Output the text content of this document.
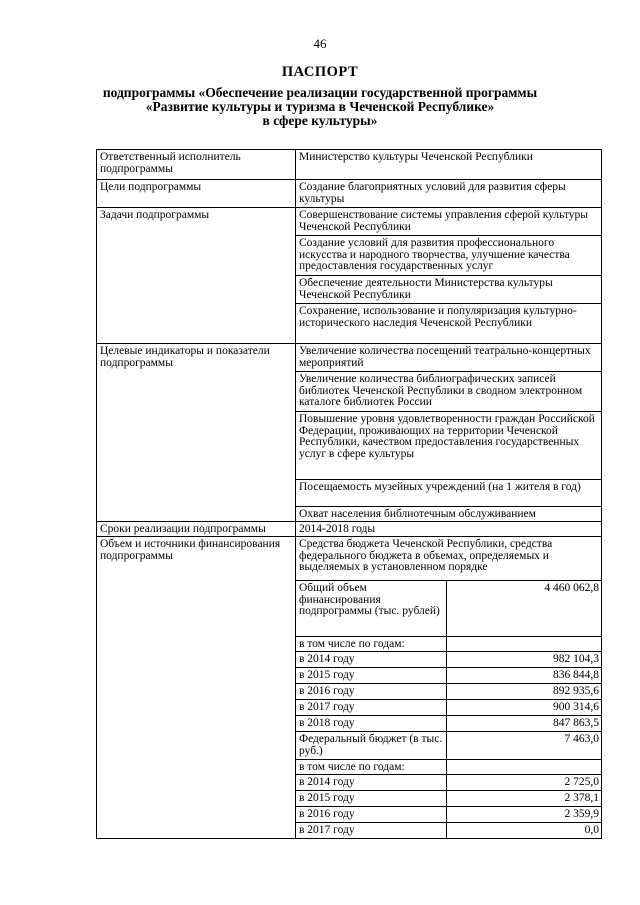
46
ПАСПОРТ
подпрограммы «Обеспечение реализации государственной программы
«Развитие культуры и туризма в Чеченской Республике»
в сфере культуры»
Ответственный исполнитель подпрограммы	Министерство культуры Чеченской Республики	
Цели подпрограммы	Создание благоприятных условий для развития сферы культуры	
Задачи подпрограммы	Совершенствование системы управления сферой культуры Чеченской Республики	
	Создание условий для развития профессионального искусства и народного творчества, улучшение качества предоставления государственных услуг	
	Обеспечение деятельности Министерства культуры Чеченской Республики	
	Сохранение, использование и популяризация культурно-исторического наследия Чеченской Республики	
Целевые индикаторы и показатели подпрограммы	Увеличение количества посещений театрально-концертных мероприятий	
	Увеличение количества библиографических записей библиотек Чеченской Республики в сводном электронном каталоге библиотек России	
	Повышение уровня удовлетворенности граждан Российской Федерации, проживающих на территории Чеченской Республики, качеством предоставления государственных услуг в сфере культуры	
	Посещаемость музейных учреждений (на 1 жителя в год)	
	Охват населения библиотечным обслуживанием	
Сроки реализации подпрограммы	2014-2018 годы	
Объем и источники финансирования подпрограммы	Средства бюджета Чеченской Республики, средства федерального бюджета в объемах, определяемых и выделяемых в установленном порядке	
	Общий объем финансирования подпрограммы (тыс. рублей)	4 460 062,8
	в том числе по годам:	
	в 2014 году	982 104,3
	в 2015 году	836 844,8
	в 2016 году	892 935,6
	в 2017 году	900 314,6
	в 2018 году	847 863,5
	Федеральный бюджет (в тыс. руб.)	7 463,0
	в том числе по годам:	
	в 2014 году	2 725,0
	в 2015 году	2 378,1
	в 2016 году	2 359,9
	в 2017 году	0,0
